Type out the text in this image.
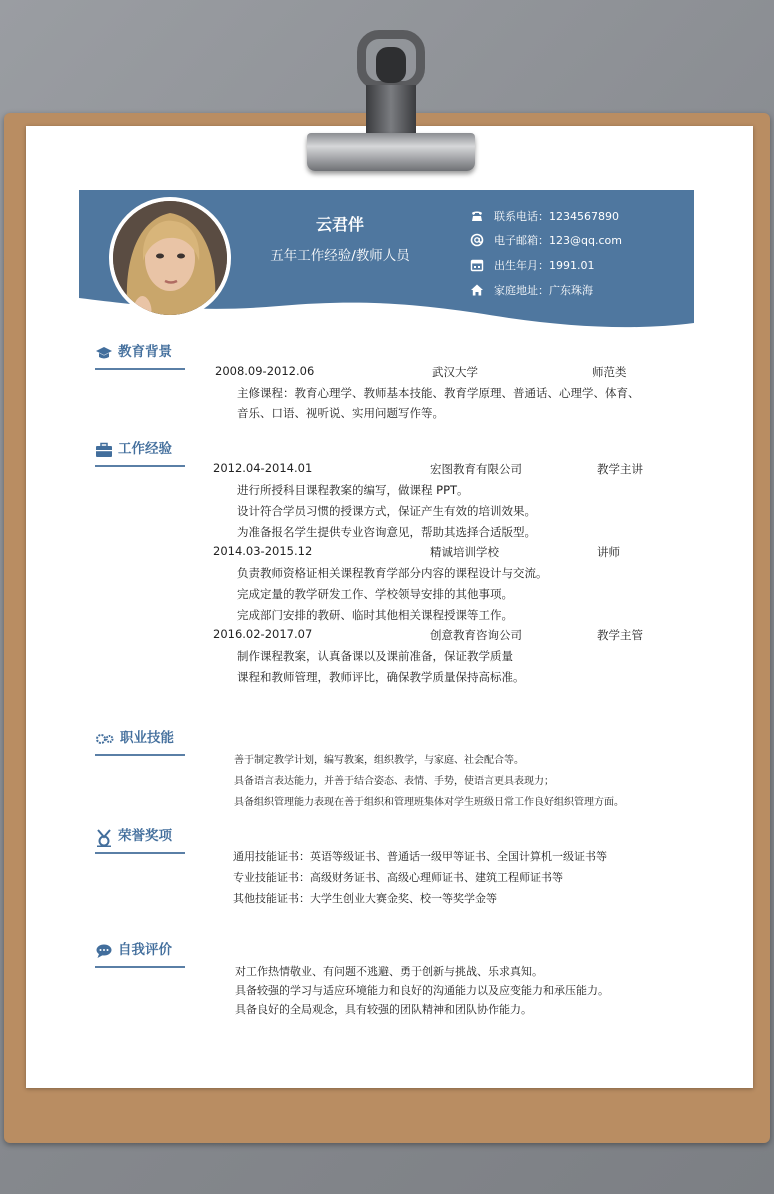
云君伴
五年工作经验/教师人员
联系电话：1234567890
电子邮箱：123@qq.com
出生年月：1991.01
家庭地址：广东珠海
教育背景
2008.09-2012.06	武汉大学	师范类
主修课程：教育心理学、教师基本技能、教育学原理、普通话、心理学、体育、
音乐、口语、视听说、实用问题写作等。
工作经验
2012.04-2014.01	宏图教育有限公司	教学主讲
进行所授科目课程教案的编写，做课程 PPT。
设计符合学员习惯的授课方式，保证产生有效的培训效果。
为准备报名学生提供专业咨询意见，帮助其选择合适版型。
2014.03-2015.12	精诚培训学校	讲师
负责教师资格证相关课程教育学部分内容的课程设计与交流。
完成定量的教学研发工作、学校领导安排的其他事项。
完成部门安排的教研、临时其他相关课程授课等工作。
2016.02-2017.07	创意教育咨询公司	教学主管
制作课程教案，认真备课以及课前准备，保证教学质量
课程和教师管理，教师评比，确保教学质量保持高标准。
职业技能
善于制定教学计划，编写教案，组织教学，与家庭、社会配合等。
具备语言表达能力，并善于结合姿态、表情、手势，使语言更具表现力；
具备组织管理能力表现在善于组织和管理班集体对学生班级日常工作良好组织管理方面。
荣誉奖项
通用技能证书：英语等级证书、普通话一级甲等证书、全国计算机一级证书等
专业技能证书：高级财务证书、高级心理师证书、建筑工程师证书等
其他技能证书：大学生创业大赛金奖、校一等奖学金等
自我评价
对工作热情敬业、有问题不逃避、勇于创新与挑战、乐求真知。
具备较强的学习与适应环境能力和良好的沟通能力以及应变能力和承压能力。
具备良好的全局观念，具有较强的团队精神和团队协作能力。
